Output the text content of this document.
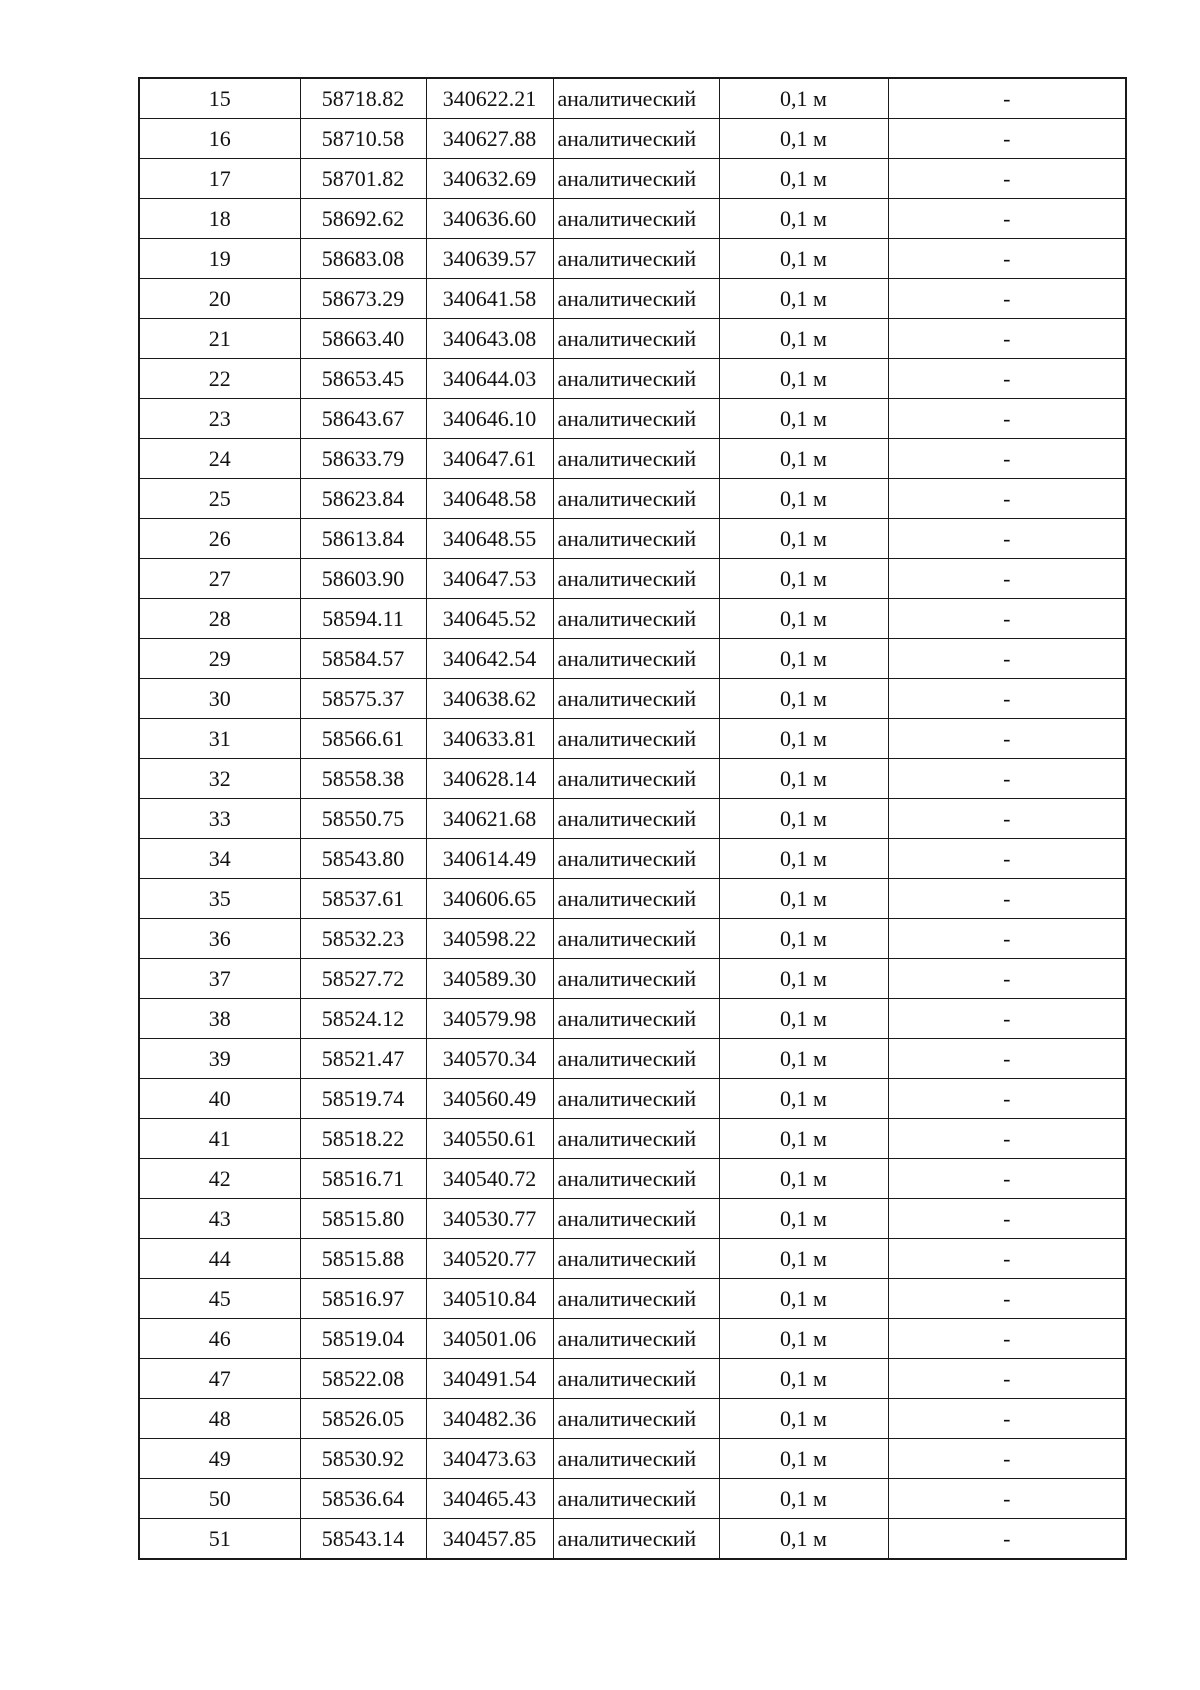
15	58718.82	340622.21	аналитический	0,1 м	-
16	58710.58	340627.88	аналитический	0,1 м	-
17	58701.82	340632.69	аналитический	0,1 м	-
18	58692.62	340636.60	аналитический	0,1 м	-
19	58683.08	340639.57	аналитический	0,1 м	-
20	58673.29	340641.58	аналитический	0,1 м	-
21	58663.40	340643.08	аналитический	0,1 м	-
22	58653.45	340644.03	аналитический	0,1 м	-
23	58643.67	340646.10	аналитический	0,1 м	-
24	58633.79	340647.61	аналитический	0,1 м	-
25	58623.84	340648.58	аналитический	0,1 м	-
26	58613.84	340648.55	аналитический	0,1 м	-
27	58603.90	340647.53	аналитический	0,1 м	-
28	58594.11	340645.52	аналитический	0,1 м	-
29	58584.57	340642.54	аналитический	0,1 м	-
30	58575.37	340638.62	аналитический	0,1 м	-
31	58566.61	340633.81	аналитический	0,1 м	-
32	58558.38	340628.14	аналитический	0,1 м	-
33	58550.75	340621.68	аналитический	0,1 м	-
34	58543.80	340614.49	аналитический	0,1 м	-
35	58537.61	340606.65	аналитический	0,1 м	-
36	58532.23	340598.22	аналитический	0,1 м	-
37	58527.72	340589.30	аналитический	0,1 м	-
38	58524.12	340579.98	аналитический	0,1 м	-
39	58521.47	340570.34	аналитический	0,1 м	-
40	58519.74	340560.49	аналитический	0,1 м	-
41	58518.22	340550.61	аналитический	0,1 м	-
42	58516.71	340540.72	аналитический	0,1 м	-
43	58515.80	340530.77	аналитический	0,1 м	-
44	58515.88	340520.77	аналитический	0,1 м	-
45	58516.97	340510.84	аналитический	0,1 м	-
46	58519.04	340501.06	аналитический	0,1 м	-
47	58522.08	340491.54	аналитический	0,1 м	-
48	58526.05	340482.36	аналитический	0,1 м	-
49	58530.92	340473.63	аналитический	0,1 м	-
50	58536.64	340465.43	аналитический	0,1 м	-
51	58543.14	340457.85	аналитический	0,1 м	-
